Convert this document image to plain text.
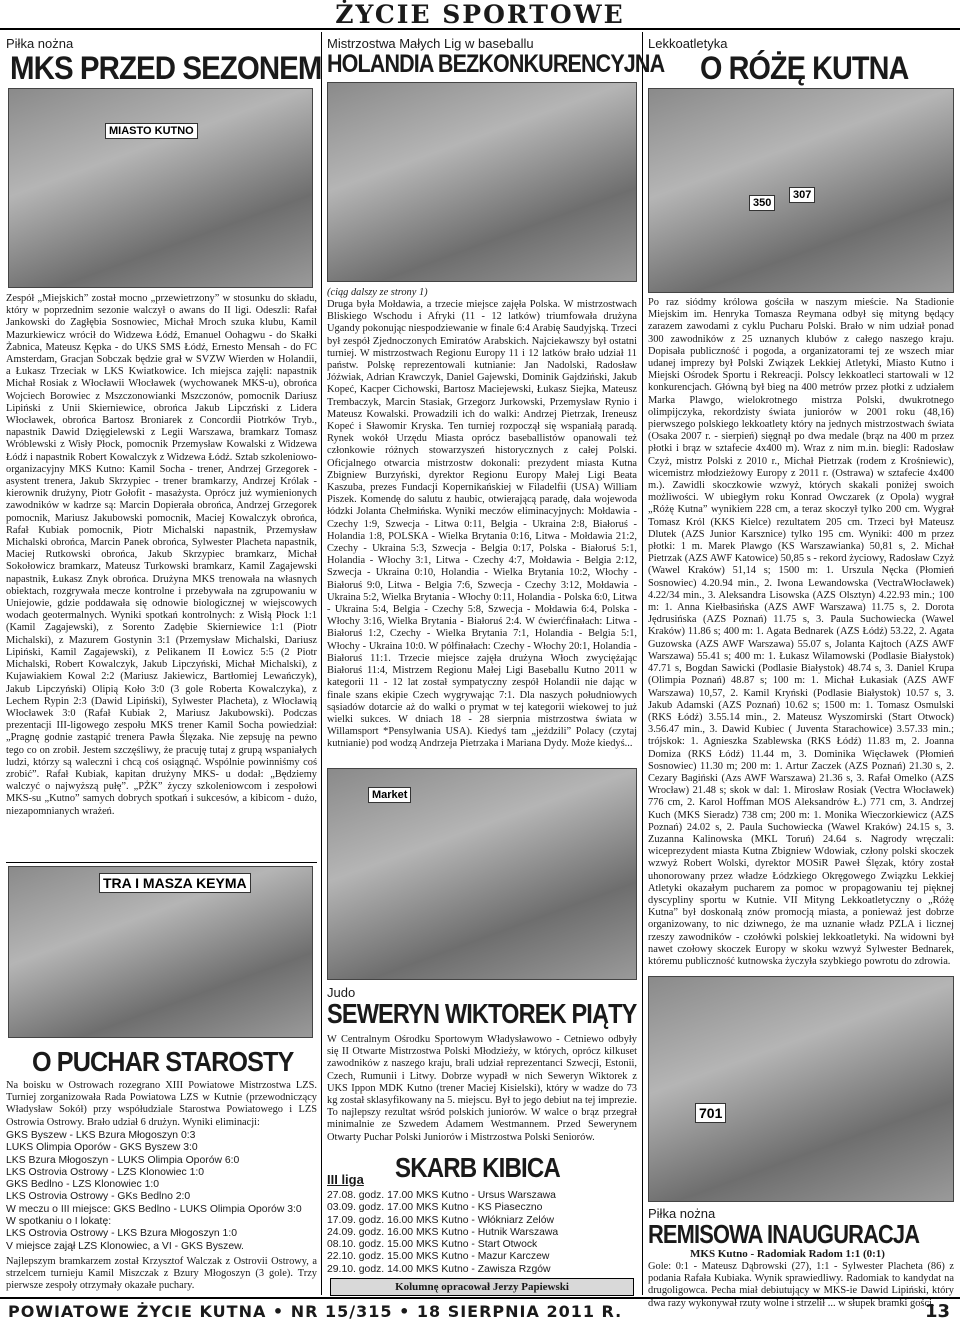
ŻYCIE SPORTOWE
Piłka nożna
MKS PRZED SEZONEM
MIASTO KUTNO

Zespół „Miejskich” został mocno „przewietrzony” w stosunku do składu, który w poprzednim sezonie walczył o awans do II ligi. Odeszli: Rafał Jankowski do Zagłębia Sosnowiec, Michał Mroch szuka klubu, Kamil Mazurkiewicz wrócił do Widzewa Łódź, Emanuel Oohagwu - do Skałki Żabnica, Mateusz Kępka - do UKS SMS Łódź, Ernesto Mensah - do FC Amsterdam, Gracjan Sobczak będzie grał w SVZW Wierden w Holandii, a Łukasz Trzeciak w LKS Kwiatkowice. Ich miejsca zajęli: napastnik Michał Rosiak z Włocławii Włocławek (wychowanek MKS-u), obrońca Wojciech Borowiec z Mszczonowianki Mszczonów, pomocnik Dariusz Lipiński z Unii Skierniewice, obrońca Jakub Lipczński z Lidera Włocławek, obrońca Bartosz Broniarek z Concordii Piotrków Tryb., napastnik Dawid Dzięgielewski z Legii Warszawa, bramkarz Tomasz Wróblewski z Wisły Płock, pomocnik Przemysław Kowalski z Widzewa Łódź i napastnik Robert Kowalczyk z Widzewa Łódź. Sztab szkoleniowo-organizacyjny MKS Kutno: Kamil Socha - trener, Andrzej Grzegorek - asystent trenera, Jakub Skrzypiec - trener bramkarzy, Andrzej Królak - kierownik drużyny, Piotr Gołofit - masażysta. Oprócz już wymienionych zawodników w kadrze są: Marcin Dopierała obrońca, Andrzej Grzegorek pomocnik, Mariusz Jakubowski pomocnik, Maciej Kowalczyk obrońca, Rafał Kubiak pomocnik, Piotr Michalski napastnik, Przemysław Michalski obrońca, Marcin Panek obrońca, Sylwester Placheta napastnik, Maciej Rutkowski obrońca, Jakub Skrzypiec bramkarz, Michał Sokołowicz bramkarz, Mateusz Turkowski bramkarz, Kamil Zagajewski napastnik, Łukasz Znyk obrońca. Drużyna MKS trenowała na własnych obiektach, rozgrywała mecze kontrolne i przebywała na zgrupowaniu w Uniejowie, gdzie poddawała się odnowie biologicznej w wiejscowych wodach geotermalnych. Wyniki spotkań kontrolnych: z Wisłą Płock 1:1 (Kamil Zagajewski), z Sorento Zadębie Skierniewice 1:1 (Piotr Michalski), z Mazurem Gostynin 3:1 (Przemysław Michalski, Dariusz Lipiński, Kamil Zagajewski), z Pelikanem II Łowicz 5:5 (2 Piotr Michalski, Robert Kowalczyk, Jakub Lipczyński, Michał Michalski), z Kujawiakiem Kowal 2:2 (Mariusz Jakiewicz, Bartłomiej Lewańczyk), Jakub Lipczyński) Olipią Koło 3:0 (3 gole Roberta Kowalczyka), z Lechem Rypin 2:3 (Dawid Lipiński), Sylwester Placheta), z Włocławią Włocławek 3:0 (Rafał Kubiak 2, Mariusz Jakubowski). Podczas prezentacji III-ligowego zespołu MKS trener Kamil Socha powiedział: „Pragnę godnie zastąpić trenera Pawła Ślęzaka. Nie zepsuję na pewno tego co on zrobił. Jestem szczęśliwy, że pracuję tutaj z grupą wspaniałych ludzi, którzy są waleczni i chcą coś osiągnąć. Wspólnie powinniśmy coś zrobić”. Rafał Kubiak, kapitan drużyny MKS- u dodał: „Będziemy walczyć o najwyższą pułę”. „PŻK” życzy szkoleniowcom i zespołowi MKS-su „Kutno” samych dobrych spotkań i sukcesów, a kibicom - dużo, niezapomnianych wrażeń.

TRA I MASZA KEYMA
O PUCHAR STAROSTY
Na boisku w Ostrowach rozegrano XIII Powiatowe Mistrzostwa LZS. Turniej zorganizowała Rada Powiatowa LZS w Kutnie (przewodniczący Władysław Sokół) przy współudziale Starostwa Powiatowego i LZS Ostrowia Ostrowy. Brało udział 6 drużyn. Wyniki eliminacji:
GKS Byszew - LKS Bzura Młogoszyn 0:3
LUKS Olimpia Oporów - GKS Byszew 3:0
LKS Bzura Młogoszyn - LUKS Olimpia Oporów 6:0
LKS Ostrovia Ostrowy - LZS Klonowiec 1:0
GKS Bedlno - LZS Klonowiec 1:0
LKS Ostrovia Ostrowy - GKs Bedlno 2:0
W meczu o III miejsce: GKS Bedlno - LUKS Olimpia Oporów 3:0
W spotkaniu o I lokatę:
LKS Ostrovia Ostrowy - LKS Bzura Młogoszyn 1:0
V miejsce zajął LZS Klonowiec, a VI - GKS Byszew.
Najlepszym bramkarzem został Krzysztof Walczak z Ostrovii Ostrowy, a strzelcem turnieju Kamil Miszczak z Bzury Młogoszyn (3 gole). Trzy pierwsze zespoły otrzymały okazałe puchary.
Mistrzostwa Małych Lig w baseballu
HOLANDIA BEZKONKURENCYJNA
(ciąg dalszy ze strony 1)
Druga była Mołdawia, a trzecie miejsce zajęła Polska. W mistrzostwach Bliskiego Wschodu i Afryki (11 - 12 latków) triumfowała drużyna Ugandy pokonując niespodziewanie w finale 6:4 Arabię Saudyjską. Trzeci był zespół Zjednoczonych Emiratów Arabskich. Najciekawszy był ostatni turniej. W mistrzostwach Regionu Europy 11 i 12 latków brało udział 11 państw. Polskę reprezentowali kutnianie: Jan Nadolski, Radosław Jóźwiak, Adrian Krawczyk, Daniel Gajewski, Dominik Gajdziński, Jakub Kopeć, Kacper Cichowski, Bartosz Maciejewski, Łukasz Siejka, Mateusz Trembaczyk, Marcin Stasiak, Grzegorz Jurkowski, Przemysław Rynio i Mateusz Kowalski. Prowadzili ich do walki: Andrzej Pietrzak, Ireneusz Kopeć i Sławomir Kryska. Ten turniej rozpoczął się wspaniałą paradą. Rynek wokół Urzędu Miasta oprócz baseballistów opanowali też członkowie różnych stowarzyszeń historycznych z całej Polski. Oficjalnego otwarcia mistrzostw dokonali: prezydent miasta Kutna Zbigniew Burzyński, dyrektor Regionu Europy Małej Ligi Beata Kaszuba, prezes Fundacji Kopernikańskiej w Filadelfii (USA) William Piszek. Komendę do salutu z haubic, otwierającą paradę, dała wojewoda łódzki Jolanta Chełmińska. Wyniki meczów eliminacyjnych: Mołdawia - Czechy 1:9, Szwecja - Litwa 0:11, Belgia - Ukraina 2:8, Białoruś - Holandia 1:8, POLSKA - Wielka Brytania 0:16, Litwa - Mołdawia 21:2, Czechy - Ukraina 5:3, Szwecja - Belgia 0:17, Polska - Białoruś 5:1, Holandia - Włochy 3:1, Litwa - Czechy 4:7, Mołdawia - Belgia 2:12, Szwecja - Ukraina 0:10, Holandia - Wielka Brytania 10:2, Włochy - Białoruś 9:0, Litwa - Belgia 7:6, Szwecja - Czechy 3:12, Mołdawia - Ukraina 5:2, Wielka Brytania - Włochy 0:11, Holandia - Polska 6:0, Litwa - Ukraina 5:4, Belgia - Czechy 5:8, Szwecja - Mołdawia 6:4, Polska - Włochy 3:16, Wielka Brytania - Białoruś 2:4. W ćwierćfinałach: Litwa - Białoruś 1:2, Czechy - Wielka Brytania 7:1, Holandia - Belgia 5:1, Włochy - Ukraina 10:0. W półfinałach: Czechy - Włochy 20:1, Holandia - Białoruś 11:1. Trzecie miejsce zajęła drużyna Włoch zwyciężając Białoruś 11:4, Mistrzem Regionu Małej Ligi Baseballu Kutno 2011 w kategorii 11 - 12 lat został sympatyczny zespół Holandii nie dając w finale szans ekipie Czech wygrywając 7:1. Dla naszych południowych sąsiadów dotarcie aż do walki o prymat w tej kategorii wiekowej to już wielki sukces. W dniach 18 - 28 sierpnia mistrzostwa świata w Willamsport *Pensylwania USA). Kiedyś tam „jeździli” Polacy (czytaj kutnianie) pod wodzą Andrzeja Pietrzaka i Mariana Dydy. Może kiedyś...
Market
Judo
SEWERYN WIKTOREK PIĄTY
W Centralnym Ośrodku Sportowym Władysławowo - Cetniewo odbyły się II Otwarte Mistrzostwa Polski Młodzieży, w których, oprócz kilkuset zawodników z naszego kraju, brali udział reprezentanci Szwecji, Estonii, Czech, Rumunii i Litwy. Dobrze wypadł w nich Seweryn Wiktorek z UKS Ippon MDK Kutno (trener Maciej Kisielski), który w wadze do 73 kg został sklasyfikowany na 5. miejscu. Był to jego debiut na tej imprezie. To najlepszy rezultat wśród polskich juniorów. W walce o brąz przegrał minimalnie ze Szwedem Adamem Westmannem. Przed Sewerynem Otwarty Puchar Polski Juniorów i Mistrzostwa Polski Seniorów.
SKARB KIBICA
III liga
27.08. godz. 17.00 MKS Kutno - Ursus Warszawa
03.09. godz. 17.00 MKS Kutno - KS Piaseczno
17.09. godz. 16.00 MKS Kutno - Włókniarz Zelów
24.09. godz. 16.00 MKS Kutno - Hutnik Warszawa
08.10. godz. 15.00 MKS Kutno - Start Otwock
22.10. godz. 15.00 MKS Kutno - Mazur Karczew
29.10. godz. 14.00 MKS Kutno - Zawisza Rzgów
Kolumnę opracował Jerzy Papiewski
Lekkoatletyka
O RÓŻĘ KUTNA
350
307
Po raz siódmy królowa gościła w naszym mieście. Na Stadionie Miejskim im. Henryka Tomasza Reymana odbył się mityng będący zarazem zawodami z cyklu Pucharu Polski. Brało w nim udział ponad 300 zawodników z 25 uznanych klubów z całego naszego kraju. Dopisała publiczność i pogoda, a organizatorami tej ze wszech miar udanej imprezy był Polski Związek Lekkiej Atletyki, Miasto Kutno i Miejski Ośrodek Sportu i Rekreacji. Polscy lekkoatleci startowali w 12 konkurencjach. Główną był bieg na 400 metrów przez płotki z udziałem Marka Plawgo, wielokrotnego mistrza Polski, dwukrotnego olimpijczyka, rekordzisty świata juniorów w 2001 roku (48,16) pierwszego polskiego lekkoatlety który na jednych mistrzostwach świata (Osaka 2007 r. - sierpień) sięgnął po dwa medale (brąz na 400 m przez płotki i brąz w sztafecie 4x400 m). Wraz z nim m.in. biegli: Radosław Czyż, mistrz Polski z 2010 r., Michał Pietrzak (rodem z Krośniewic), wicemistrz młodzieżowy Europy z 2011 r. (Ostrawa) w sztafecie 4x400 m.). Zawidli skoczkowie wzwyż, których skakali poniżej swoich możliwości. W ubiegłym roku Konrad Owczarek (z Opola) wygrał „Różę Kutna” wynikiem 228 cm, a teraz skoczył tylko 200 cm. Wygrał Tomasz Król (KKS Kielce) rezultatem 205 cm. Trzeci był Mateusz Dlutek (AZS Junior Karsznice) tylko 195 cm. Wyniki: 400 m przez płotki: 1 m. Marek Plawgo (KS Warszawianka) 50,81 s, 2. Michał Pietrzak (AZS AWF Katowice) 50,85 s - rekord życiowy, Radosław Czyż (Wawel Kraków) 51,14 s; 1500 m: 1. Urszula Nęcka (Płomień Sosnowiec) 4.20.94 min., 2. Iwona Lewandowska (VectraWłocławek) 4.22/34 min., 3. Aleksandra Lisowska (AZS Olsztyn) 4.22.93 min.; 100 m: 1. Anna Kiełbasińska (AZS AWF Warszawa) 11.75 s, 2. Dorota Jędrusińska (AZS Poznań) 11.75 s, 3. Paula Suchowiecka (Wawel Kraków) 11.86 s; 400 m: 1. Agata Bednarek (AZS Łódź) 53.22, 2. Agata Guzowska (AZS AWF Warszawa) 55.07 s, Jolanta Kajtoch (AZS AWF Warszawa) 55.41 s; 400 m: 1. Łukasz Wilamowski (Podlasie Białystok) 47.71 s, Bogdan Sawicki (Podlasie Białystok) 48.74 s, 3. Daniel Krupa (Olimpia Poznań) 48.87 s; 100 m: 1. Michał Łukasiak (AZS AWF Warszawa) 10,57, 2. Kamil Kryński (Podlasie Białystok) 10.57 s, 3. Jakub Adamski (AZS Poznań) 10.62 s; 1500 m: 1. Tomasz Osmulski (RKS Łódź) 3.55.14 min., 2. Mateusz Wyszomirski (Start Otwock) 3.56.47 min., 3. Dawid Kubiec ( Juventa Starachowice) 3.57.33 min.; trójskok: 1. Agnieszka Szablewska (RKS Łódź) 11.83 m, 2. Joanna Domiza (RKS Łódź) 11.44 m, 3. Dominika Więcławek (Płomień Sosnowiec) 11.30 m; 200 m: 1. Artur Zaczek (AZS Poznań) 21.30 s, 2. Cezary Bagiński (Azs AWF Warszawa) 21.36 s, 3. Rafał Omelko (AZS Wrocław) 21.48 s; skok w dal: 1. Mirosław Rosiak (Vectra Włocławek) 776 cm, 2. Karol Hoffman MOS Aleksandrów Ł.) 771 cm, 3. Andrzej Kuch (MKS Sieradz) 738 cm; 200 m: 1. Monika Wieczorkiewicz (AZS Poznań) 24.02 s, 2. Paula Suchowiecka (Wawel Kraków) 24.15 s, 3. Zuzanna Kalinowska (MKL Toruń) 24.64 s. Nagrody wręczali: wiceprezydent miasta Kutna Zbigniew Wdowiak, człony polski skoczek wzwyż Robert Wolski, dyrektor MOSiR Paweł Ślęzak, który został uhonorowany przez władze Łódzkiego Okręgowego Związku Lekkiej Atletyki okazałym pucharem za pomoc w propagowaniu tej pięknej dyscypliny sportu w Kutnie. VII Mityng Lekkoatletyczny o „Różę Kutna” był doskonałą znów promocją miasta, a ponieważ jest dobrze organizowany, to nic dziwnego, że ma uznanie władz PZLA i licznej rzeszy zawodników - czołówki polskiej lekkoatletyki. Na widowni był nawet czołowy skoczek Europy w skoku wzwyż Sylwester Bednarek, któremu publiczność kutnowska życzyła szybkiego powrotu do zdrowia.
701
Piłka nożna
REMISOWA INAUGURACJA
MKS Kutno - Radomiak Radom 1:1 (0:1)
Gole: 0:1 - Mateusz Dąbrowski (27), 1:1 - Sylwester Placheta (86) z podania Rafała Kubiaka. Wynik sprawiedliwy. Radomiak to kandydat na drugoligowca. Pecha miał debiutujący w MKS-ie Dawid Lipiński, który dwa razy wykonywał rzuty wolne i strzelił ... w słupek bramki gości.
POWIATOWE ŻYCIE KUTNA • NR 15/315 • 18 SIERPNIA 2011 R.	13
